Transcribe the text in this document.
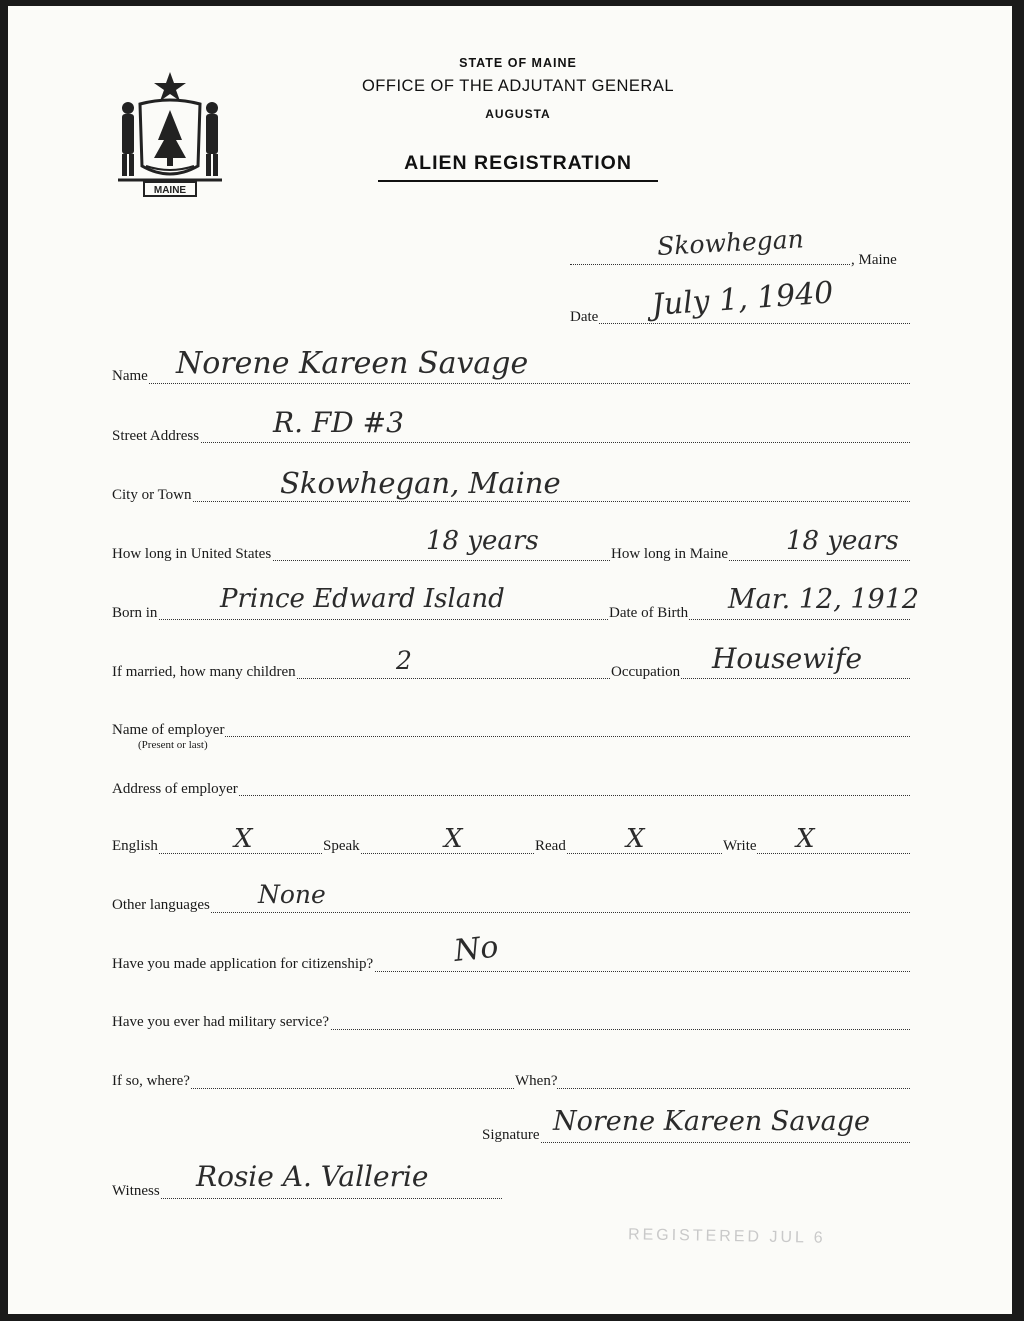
MAINE
STATE OF MAINE
OFFICE OF THE ADJUTANT GENERAL
AUGUSTA
ALIEN REGISTRATION
, Maine
Skowhegan
Date July 1, 1940
Name Norene Kareen Savage
Street Address	R. FD #3
City or Town	Skowhegan, Maine
How long in United States	How long in Maine
18 years	18 years
Born in	Date of Birth
Prince Edward Island	Mar. 12, 1912
If married, how many children	Occupation
2	Housewife
Name of employer
(Present or last)
Address of employer
English	Speak	Read	Write
X	X	X	X
Other languages None
Have you made application for citizenship?	No
Have you ever had military service?
If so, where?	When?
Signature Norene Kareen Savage
Witness Rosie A. Vallerie
REGISTERED JUL 6
